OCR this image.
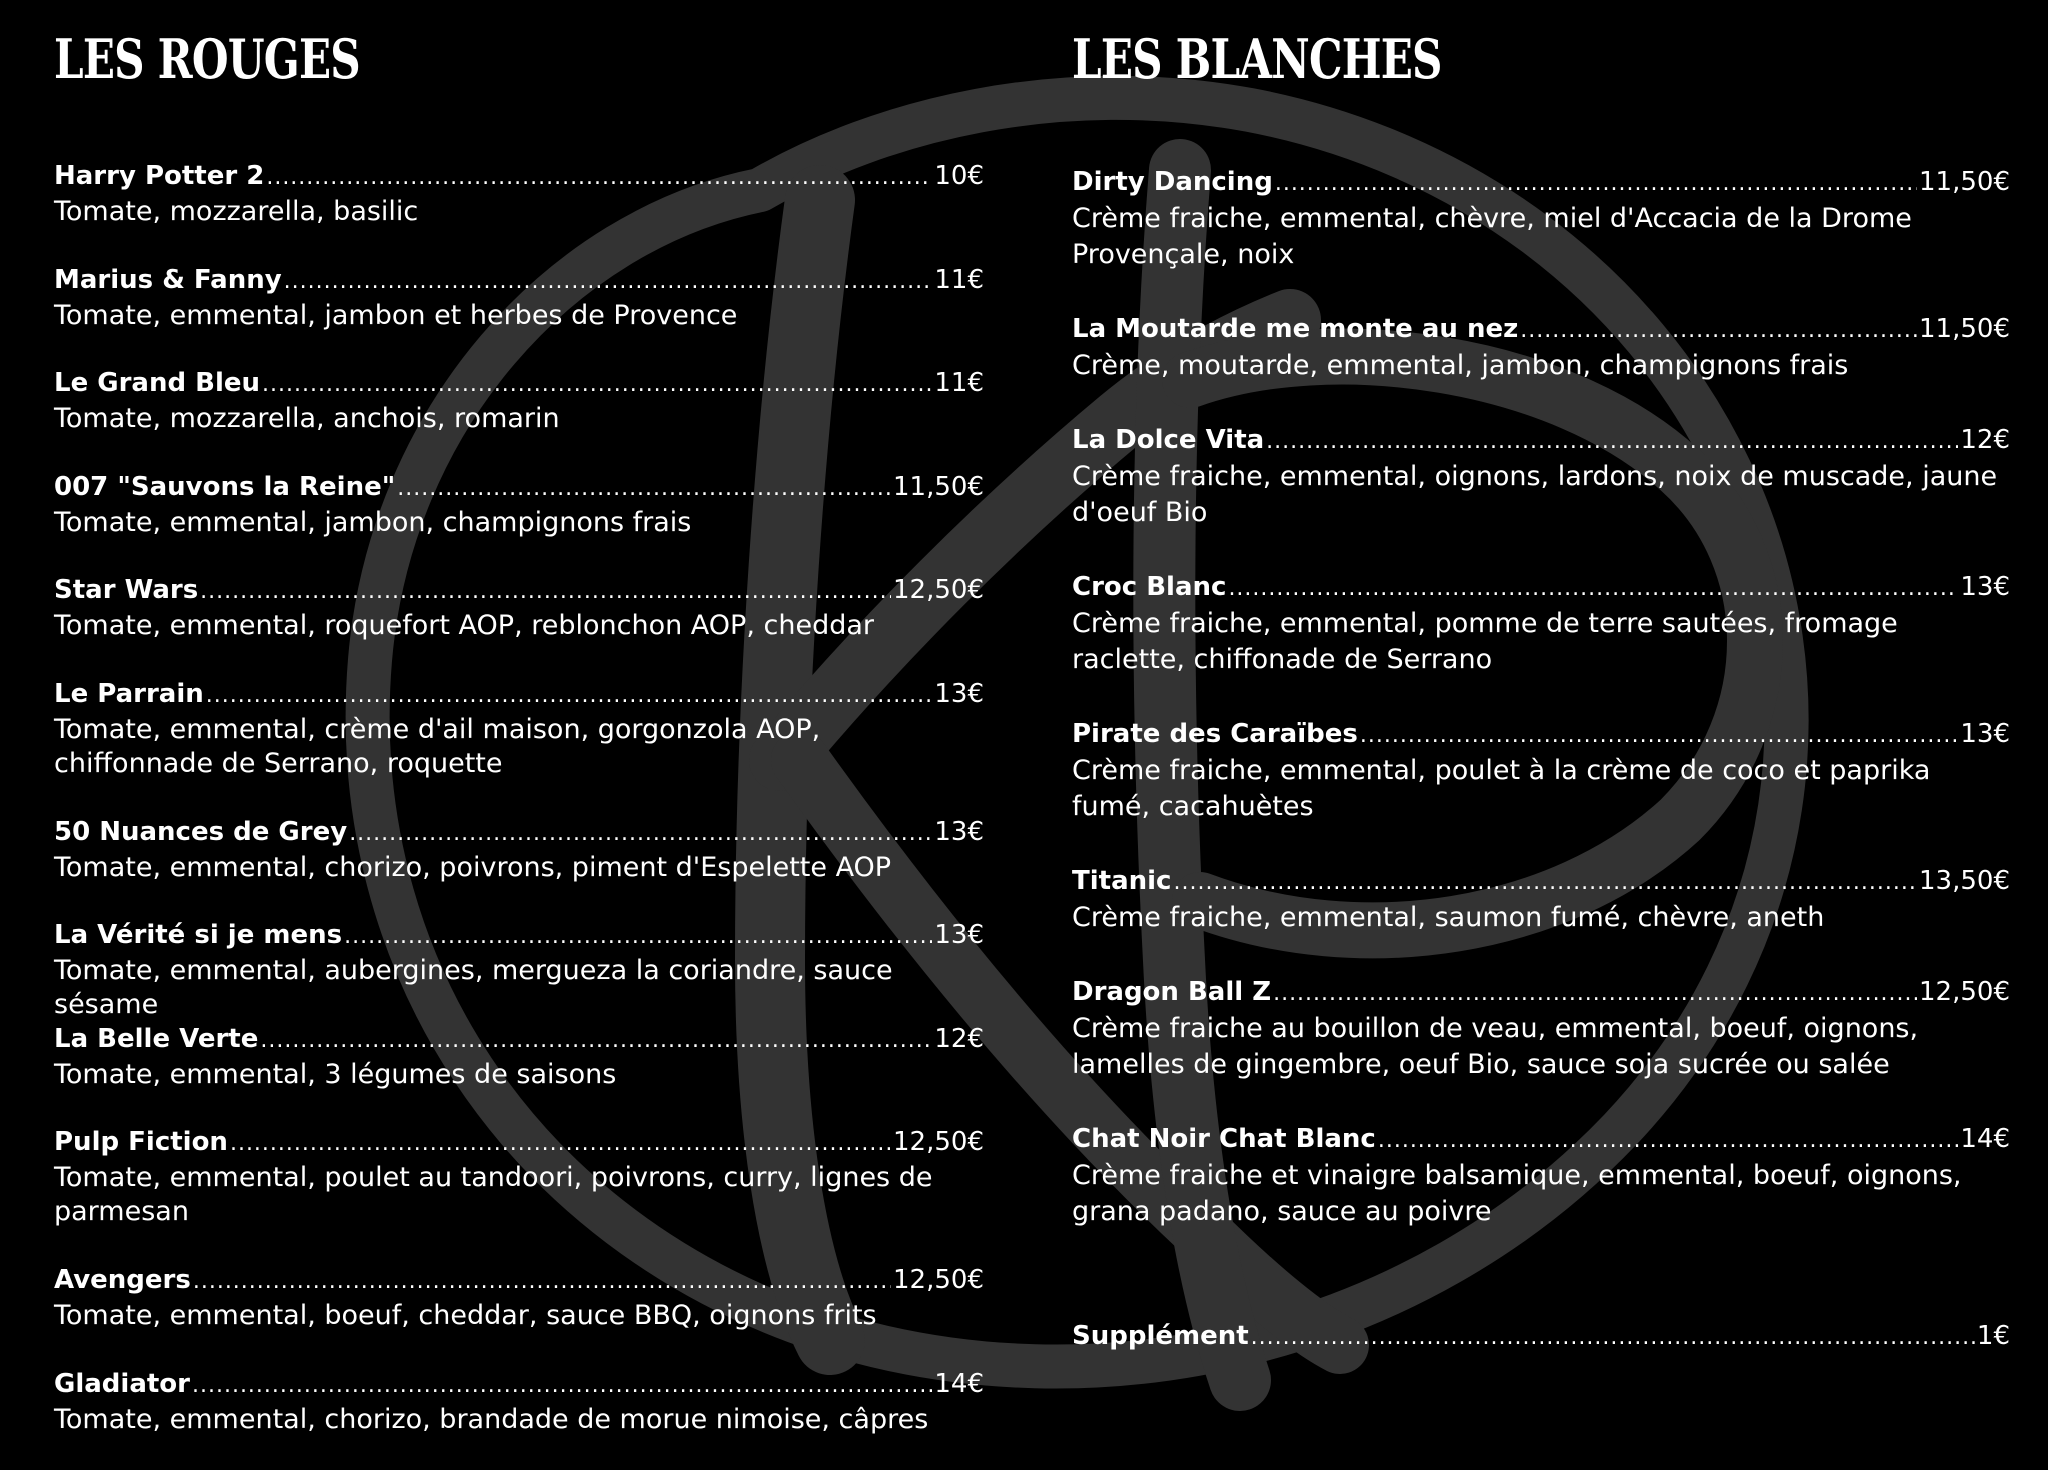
LES ROUGES
Harry Potter 2 .....	10€
Tomate, mozzarella, basilic
Marius & Fanny .....	11€
Tomate, emmental, jambon et herbes de Provence
Le Grand Bleu .....	11€
Tomate, mozzarella, anchois, romarin
007 "Sauvons la Reine" .....	11,50€
Tomate, emmental, jambon, champignons frais
Star Wars .....	12,50€
Tomate, emmental, roquefort AOP, reblonchon AOP, cheddar
Le Parrain .....	13€
Tomate, emmental, crème d'ail maison, gorgonzola AOP, chiffonnade de Serrano, roquette
50 Nuances de Grey .....	13€
Tomate, emmental, chorizo, poivrons, piment d'Espelette AOP
La Vérité si je mens .....	13€
Tomate, emmental, aubergines, mergueza la coriandre, sauce sésame
La Belle Verte .....	12€
Tomate, emmental, 3 légumes de saisons
Pulp Fiction .....	12,50€
Tomate, emmental, poulet au tandoori, poivrons, curry, lignes de parmesan
Avengers .....	12,50€
Tomate, emmental, boeuf, cheddar, sauce BBQ, oignons frits
Gladiator .....	14€
Tomate, emmental, chorizo, brandade de morue nimoise, câpres
LES BLANCHES
Dirty Dancing .....	11,50€
Crème fraiche, emmental, chèvre, miel d'Accacia de la Drome Provençale, noix
La Moutarde me monte au nez .....	11,50€
Crème, moutarde, emmental, jambon, champignons frais
La Dolce Vita .....	12€
Crème fraiche, emmental, oignons, lardons, noix de muscade, jaune d'oeuf Bio
Croc Blanc .....	13€
Crème fraiche, emmental, pomme de terre sautées, fromage raclette, chiffonade de Serrano
Pirate des Caraïbes .....	13€
Crème fraiche, emmental, poulet à la crème de coco et paprika fumé, cacahuètes
Titanic .....	13,50€
Crème fraiche, emmental, saumon fumé, chèvre, aneth
Dragon Ball Z .....	12,50€
Crème fraiche au bouillon de veau, emmental, boeuf, oignons, lamelles de gingembre, oeuf Bio, sauce soja sucrée ou salée
Chat Noir Chat Blanc .....	14€
Crème fraiche et vinaigre balsamique, emmental, boeuf, oignons, grana padano, sauce au poivre
Supplément .....	1€
